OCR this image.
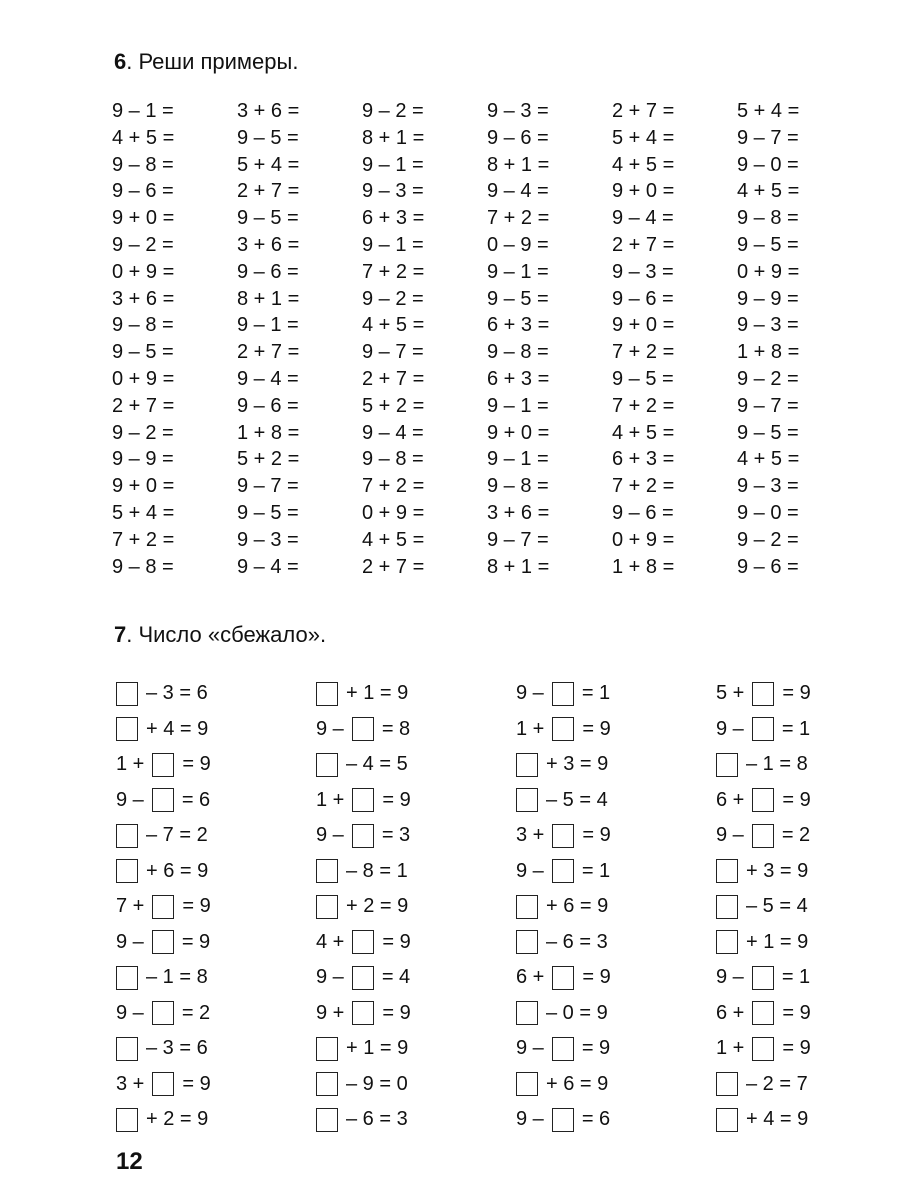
6. Реши примеры.
9 – 1 =	3 + 6 =	9 – 2 =	9 – 3 =	2 + 7 =	5 + 4 =
4 + 5 =	9 – 5 =	8 + 1 =	9 – 6 =	5 + 4 =	9 – 7 =
9 – 8 =	5 + 4 =	9 – 1 =	8 + 1 =	4 + 5 =	9 – 0 =
9 – 6 =	2 + 7 =	9 – 3 =	9 – 4 =	9 + 0 =	4 + 5 =
9 + 0 =	9 – 5 =	6 + 3 =	7 + 2 =	9 – 4 =	9 – 8 =
9 – 2 =	3 + 6 =	9 – 1 =	0 – 9 =	2 + 7 =	9 – 5 =
0 + 9 =	9 – 6 =	7 + 2 =	9 – 1 =	9 – 3 =	0 + 9 =
3 + 6 =	8 + 1 =	9 – 2 =	9 – 5 =	9 – 6 =	9 – 9 =
9 – 8 =	9 – 1 =	4 + 5 =	6 + 3 =	9 + 0 =	9 – 3 =
9 – 5 =	2 + 7 =	9 – 7 =	9 – 8 =	7 + 2 =	1 + 8 =
0 + 9 =	9 – 4 =	2 + 7 =	6 + 3 =	9 – 5 =	9 – 2 =
2 + 7 =	9 – 6 =	5 + 2 =	9 – 1 =	7 + 2 =	9 – 7 =
9 – 2 =	1 + 8 =	9 – 4 =	9 + 0 =	4 + 5 =	9 – 5 =
9 – 9 =	5 + 2 =	9 – 8 =	9 – 1 =	6 + 3 =	4 + 5 =
9 + 0 =	9 – 7 =	7 + 2 =	9 – 8 =	7 + 2 =	9 – 3 =
5 + 4 =	9 – 5 =	0 + 9 =	3 + 6 =	9 – 6 =	9 – 0 =
7 + 2 =	9 – 3 =	4 + 5 =	9 – 7 =	0 + 9 =	9 – 2 =
9 – 8 =	9 – 4 =	2 + 7 =	8 + 1 =	1 + 8 =	9 – 6 =
7. Число «сбежало».
– 3 = 6	+ 1 = 9	9 – = 1	5 + = 9
+ 4 = 9	9 – = 8	1 + = 9	9 – = 1
1 + = 9	– 4 = 5	+ 3 = 9	– 1 = 8
9 – = 6	1 + = 9	– 5 = 4	6 + = 9
– 7 = 2	9 – = 3	3 + = 9	9 – = 2
+ 6 = 9	– 8 = 1	9 – = 1	+ 3 = 9
7 + = 9	+ 2 = 9	+ 6 = 9	– 5 = 4
9 – = 9	4 + = 9	– 6 = 3	+ 1 = 9
– 1 = 8	9 – = 4	6 + = 9	9 – = 1
9 – = 2	9 + = 9	– 0 = 9	6 + = 9
– 3 = 6	+ 1 = 9	9 – = 9	1 + = 9
3 + = 9	– 9 = 0	+ 6 = 9	– 2 = 7
+ 2 = 9	– 6 = 3	9 – = 6	+ 4 = 9
12
